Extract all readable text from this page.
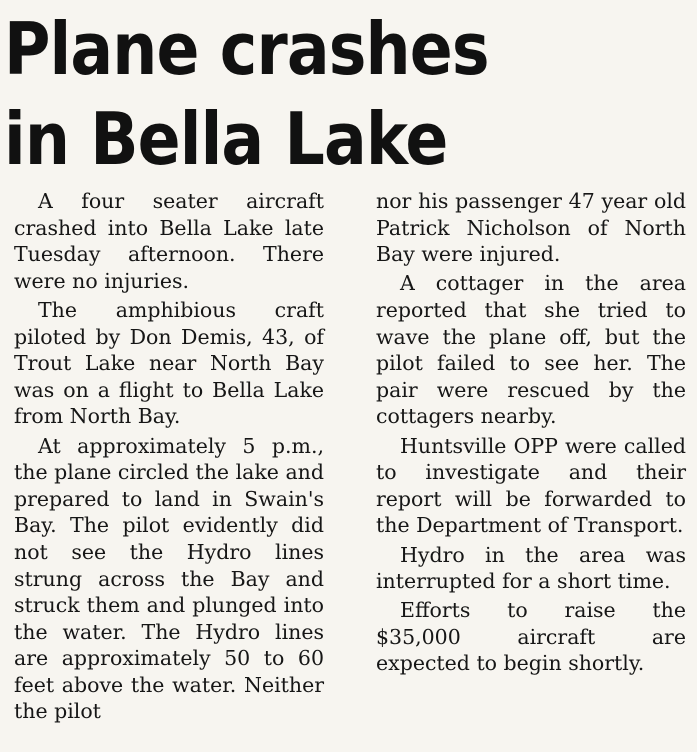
Plane crashes
in Bella Lake

A four seater aircraft crashed into Bella Lake late Tuesday afternoon. There were no injuries.

The amphibious craft piloted by Don Demis, 43, of Trout Lake near North Bay was on a flight to Bella Lake from North Bay.

At approximately 5 p.m., the plane circled the lake and prepared to land in Swain's Bay. The pilot evidently did not see the Hydro lines strung across the Bay and struck them and plunged into the water. The Hydro lines are approximately 50 to 60 feet above the water. Neither the pilot

nor his passenger 47 year old Patrick Nicholson of North Bay were injured.

A cottager in the area reported that she tried to wave the plane off, but the pilot failed to see her. The pair were rescued by the cottagers nearby.

Huntsville OPP were called to investigate and their report will be forwarded to the Department of Transport.

Hydro in the area was interrupted for a short time.

Efforts to raise the $35,000 aircraft are expected to begin shortly.
